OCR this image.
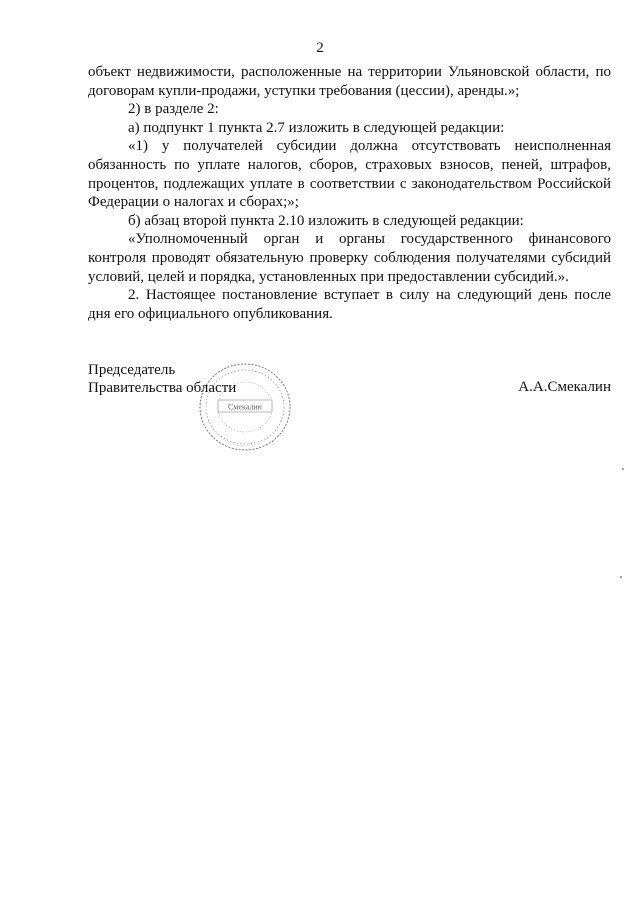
2

объект недвижимости, расположенные на территории Ульяновской области, по договорам купли-продажи, уступки требования (цессии), аренды.»;

2) в разделе 2:

а) подпункт 1 пункта 2.7 изложить в следующей редакции:

«1) у получателей субсидии должна отсутствовать неисполненная обязанность по уплате налогов, сборов, страховых взносов, пеней, штрафов, процентов, подлежащих уплате в соответствии с законодательством Российской Федерации о налогах и сборах;»;

б) абзац второй пункта 2.10 изложить в следующей редакции:

«Уполномоченный орган и органы государственного финансового контроля проводят обязательную проверку соблюдения получателями субсидий условий, целей и порядка, установленных при предоставлении субсидий.».

2. Настоящее постановление вступает в силу на следующий день после дня его официального опубликования.

Председатель
Правительства области	А.А.Смекалин
Смекалин
